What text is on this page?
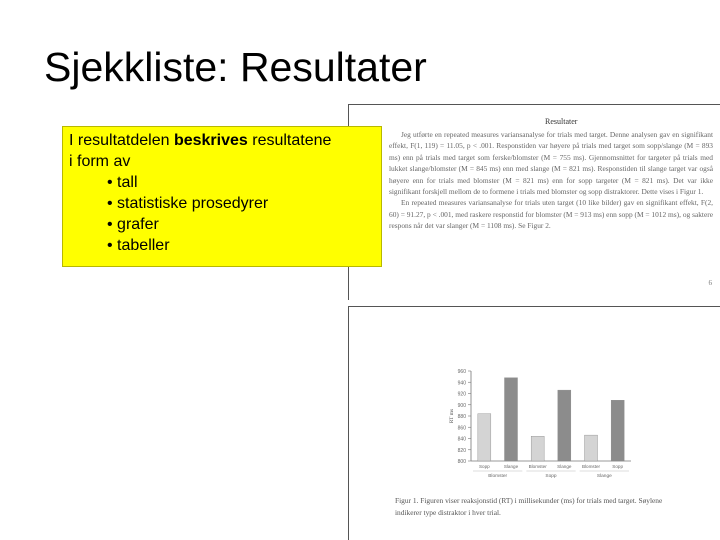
Sjekkliste: Resultater
I resultatdelen beskrives resultatene
i form av
• tall
• statistiske prosedyrer
• grafer
• tabeller
Resultater

Jeg utførte en repeated measures variansanalyse for trials med target. Denne analysen gav en signifikant effekt, F(1, 119) = 11.05, p < .001. Responstiden var høyere på trials med target som sopp/slange (M = 893 ms) enn på trials med target som ferske/blomster (M = 755 ms). Gjennomsnittet for targeter på trials med lukket slange/blomster (M = 845 ms) enn med slange (M = 821 ms). Responstiden til slange target var også høyere enn for trials med blomster (M = 821 ms) enn for sopp targeter (M = 821 ms). Det var ikke signifikant forskjell mellom de to formene i trials med blomster og sopp distraktorer. Dette vises i Figur 1.

En repeated measures variansanalyse for trials uten target (10 like bilder) gav en signifikant effekt, F(2, 60) = 91.27, p < .001, med raskere responstid for blomster (M = 913 ms) enn sopp (M = 1012 ms), og saktere respons når det var slanger (M = 1108 ms). Se Figur 2.

6
800
820
840
860
880
900
920
940
960
RT ms
Sopp	Slange Blomster Slange Blomster	Sopp
Blomster	Sopp	Slange

Figur 1. Figuren viser reaksjonstid (RT) i millisekunder (ms) for trials med target. Søylene

indikerer type distraktor i hver trial.
